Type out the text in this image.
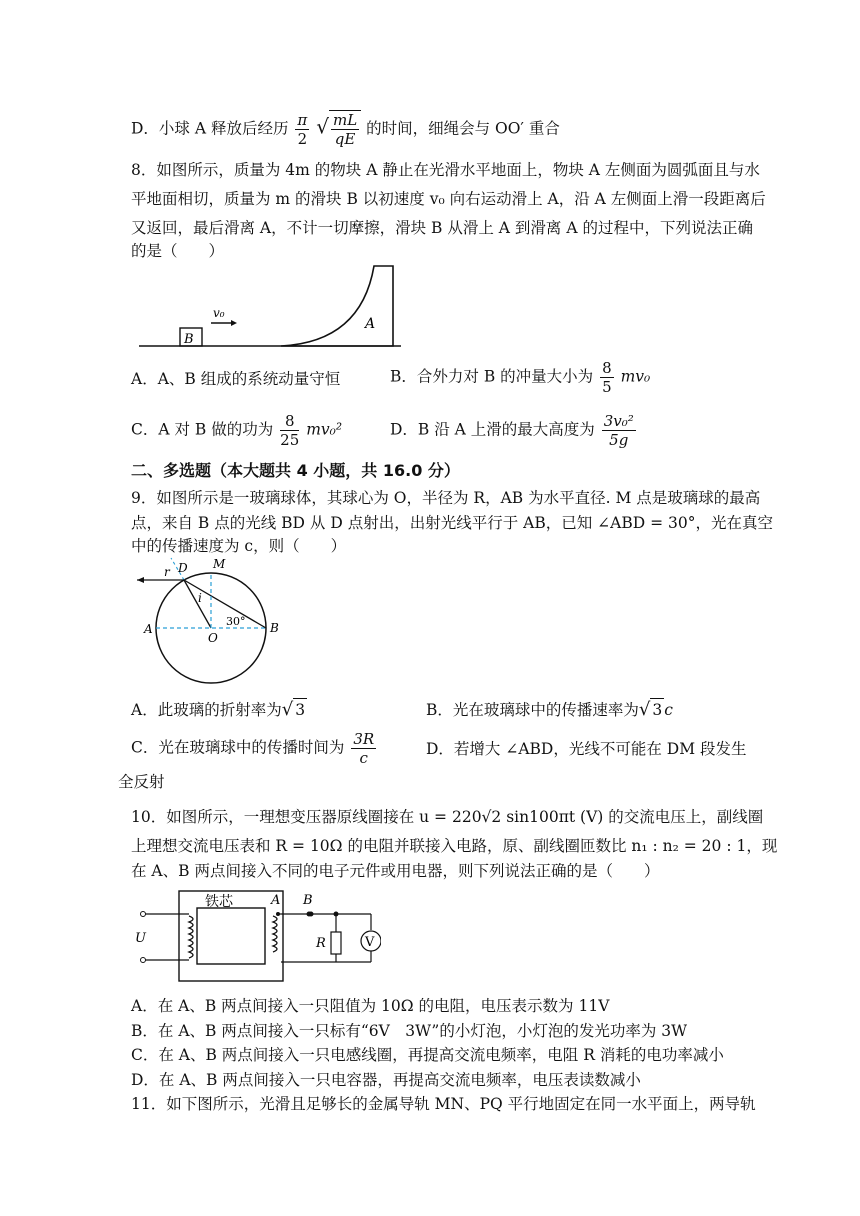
D．小球 A 释放后经历 $\frac{\pi}{2}$ √ $\frac{mL}{qE}$ 的时间，细绳会与 OO′ 重合
8．如图所示，质量为 4m 的物块 A 静止在光滑水平地面上，物块 A 左侧面为圆弧面且与水
平地面相切，质量为 m 的滑块 B 以初速度 v₀ 向右运动滑上 A，沿 A 左侧面上滑一段距离后
又返回，最后滑离 A，不计一切摩擦，滑块 B 从滑上 A 到滑离 A 的过程中，下列说法正确
的是（　　）
B
v₀
A
A．A、B 组成的系统动量守恒	B．合外力对 B 的冲量大小为 $\frac{8}{5} mv_0$
C．A 对 B 做的功为 $\frac{8}{25} mv_0^2$	D．B 沿 A 上滑的最大高度为 $\frac{\text{3v₀²}}{5g}$
二、多选题（本大题共 4 小题，共 16.0 分）
9．如图所示是一玻璃球体，其球心为 O，半径为 R，AB 为水平直径. M 点是玻璃球的最高
点，来自 B 点的光线 BD 从 D 点射出，出射光线平行于 AB，已知 ∠ABD = 30°，光在真空
中的传播速度为 c，则（　　）
r D M
i
A
O
B
30°
A．此玻璃的折射率为√ 3	B．光在玻璃球中的传播速率为√ 3 c
C．光在玻璃球中的传播时间为 $\frac{3R}{c}$	D．若增大 ∠ABD，光线不可能在 DM 段发生
全反射
10．如图所示，一理想变压器原线圈接在 u = 220√2 sin100πt (V) 的交流电压上，副线圈
上理想交流电压表和 R = 10Ω 的电阻并联接入电路，原、副线圈匝数比 n₁ : n₂ = 20 : 1，现
在 A、B 两点间接入不同的电子元件或用电器，则下列说法正确的是（　　）
铁芯
U
A B
R	V
A．在 A、B 两点间接入一只阻值为 10Ω 的电阻，电压表示数为 11V
B．在 A、B 两点间接入一只标有“6V　3W”的小灯泡，小灯泡的发光功率为 3W
C．在 A、B 两点间接入一只电感线圈，再提高交流电频率，电阻 R 消耗的电功率减小
D．在 A、B 两点间接入一只电容器，再提高交流电频率，电压表读数减小
11．如下图所示，光滑且足够长的金属导轨 MN、PQ 平行地固定在同一水平面上，两导轨
